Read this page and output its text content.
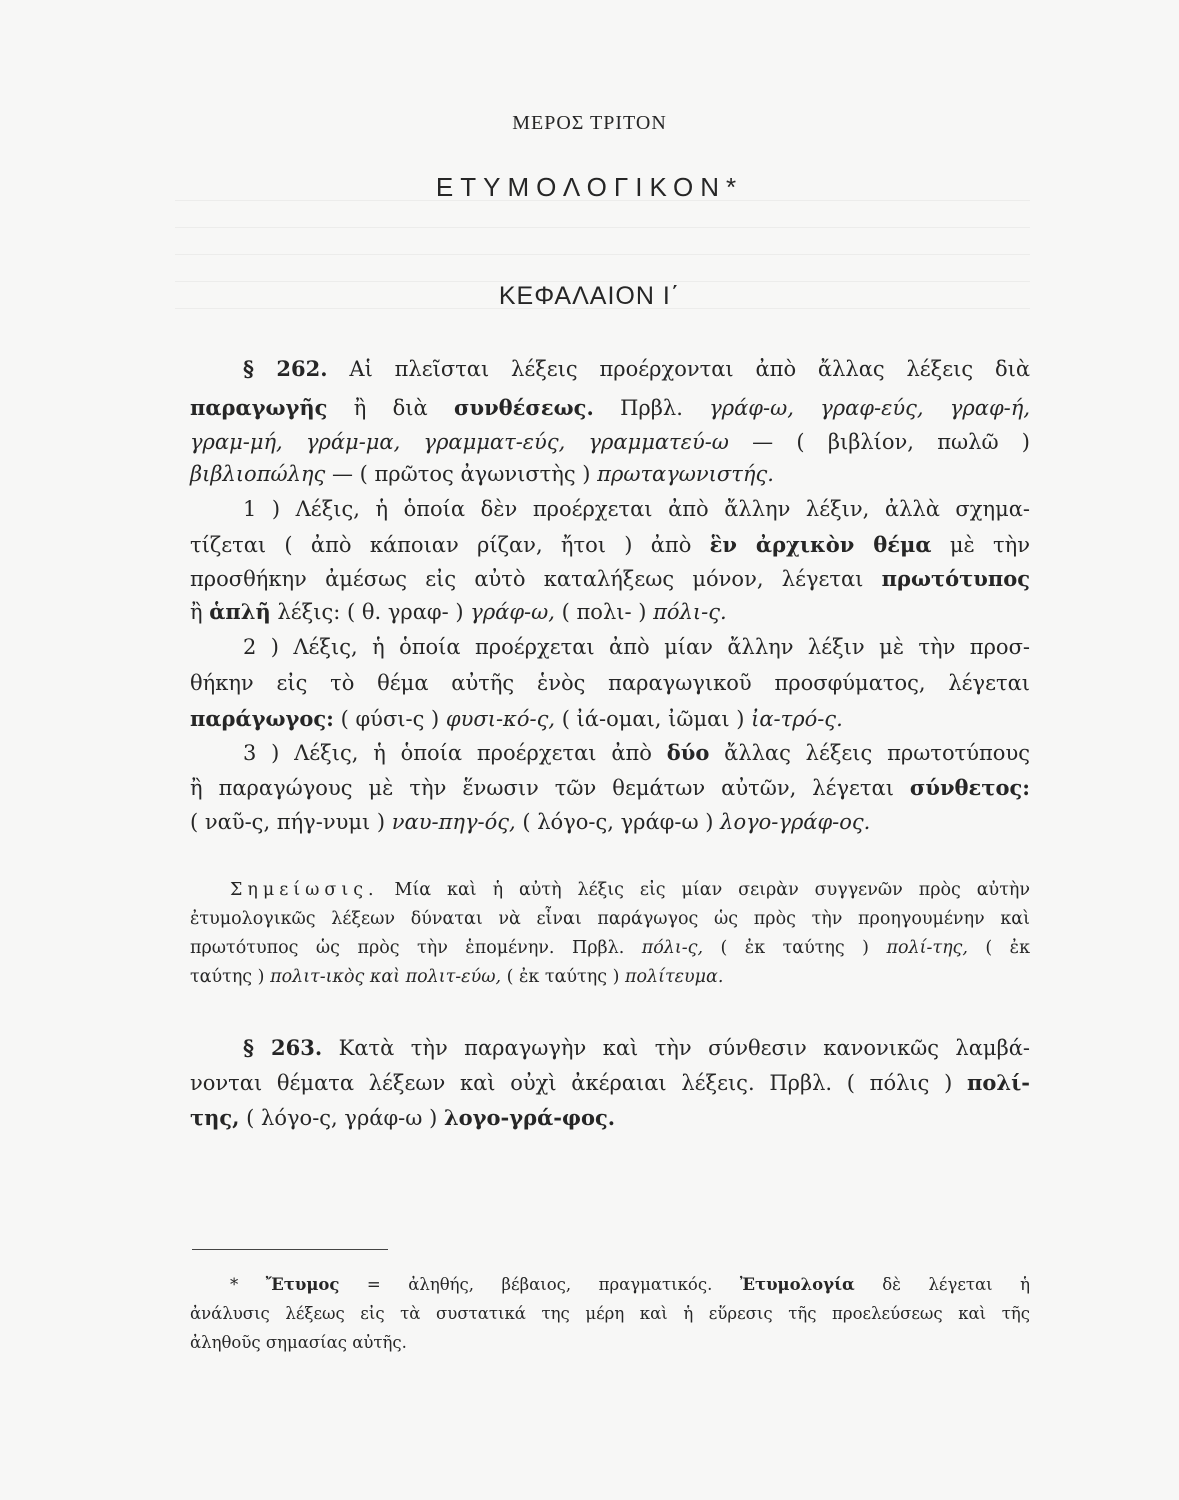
ΜΕΡΟΣ ΤΡΙΤΟΝ
ΕΤΥΜΟΛΟΓΙΚΟΝ*
ΚΕΦΑΛΑΙΟΝ Ι΄
§ 262. Αἱ πλεῖσται λέξεις προέρχονται ἀπὸ ἄλλας λέξεις διὰ
παραγωγῆς ἢ διὰ συνθέσεως. Πρβλ. γράφ-ω, γραφ-εύς, γραφ-ή,
γραμ-μή, γράμ-μα, γραμματ-εύς, γραμματεύ-ω — ( βιβλίον, πωλῶ )
βιβλιοπώλης — ( πρῶτος ἀγωνιστὴς ) πρωταγωνιστής.
1 ) Λέξις, ἡ ὁποία δὲν προέρχεται ἀπὸ ἄλλην λέξιν, ἀλλὰ σχημα-
τίζεται ( ἀπὸ κάποιαν ρίζαν, ἤτοι ) ἀπὸ ἓν ἀρχικὸν θέμα μὲ τὴν
προσθήκην ἀμέσως εἰς αὐτὸ καταλήξεως μόνον, λέγεται πρωτότυπος
ἢ ἁπλῆ λέξις: ( θ. γραφ- ) γράφ-ω, ( πολι- ) πόλι-ς.
2 ) Λέξις, ἡ ὁποία προέρχεται ἀπὸ μίαν ἄλλην λέξιν μὲ τὴν προσ-
θήκην εἰς τὸ θέμα αὐτῆς ἑνὸς παραγωγικοῦ προσφύματος, λέγεται
παράγωγος: ( φύσι-ς ) φυσι-κό-ς, ( ἰά-ομαι, ἰῶμαι ) ἰα-τρό-ς.
3 ) Λέξις, ἡ ὁποία προέρχεται ἀπὸ δύο ἄλλας λέξεις πρωτοτύπους
ἢ παραγώγους μὲ τὴν ἕνωσιν τῶν θεμάτων αὐτῶν, λέγεται σύνθετος:
( ναῦ-ς, πήγ-νυμι ) ναυ-πηγ-ός, ( λόγο-ς, γράφ-ω ) λογο-γράφ-ος.
Σημείωσις. Μία καὶ ἡ αὐτὴ λέξις εἰς μίαν σειρὰν συγγενῶν πρὸς αὐτὴν
ἐτυμολογικῶς λέξεων δύναται νὰ εἶναι παράγωγος ὡς πρὸς τὴν προηγουμένην καὶ
πρωτότυπος ὡς πρὸς τὴν ἑπομένην. Πρβλ. πόλι-ς, ( ἐκ ταύτης ) πολί-της, ( ἐκ
ταύτης ) πολιτ-ικὸς καὶ πολιτ-εύω, ( ἐκ ταύτης ) πολίτευμα.
§ 263. Κατὰ τὴν παραγωγὴν καὶ τὴν σύνθεσιν κανονικῶς λαμβά-
νονται θέματα λέξεων καὶ οὐχὶ ἀκέραιαι λέξεις. Πρβλ. ( πόλις ) πολί-
της, ( λόγο-ς, γράφ-ω ) λογο-γρά-φος.
* Ἔτυμος = ἀληθής, βέβαιος, πραγματικός. Ἐτυμολογία δὲ λέγεται ἡ
ἀνάλυσις λέξεως εἰς τὰ συστατικά της μέρη καὶ ἡ εὕρεσις τῆς προελεύσεως καὶ τῆς
ἀληθοῦς σημασίας αὐτῆς.
